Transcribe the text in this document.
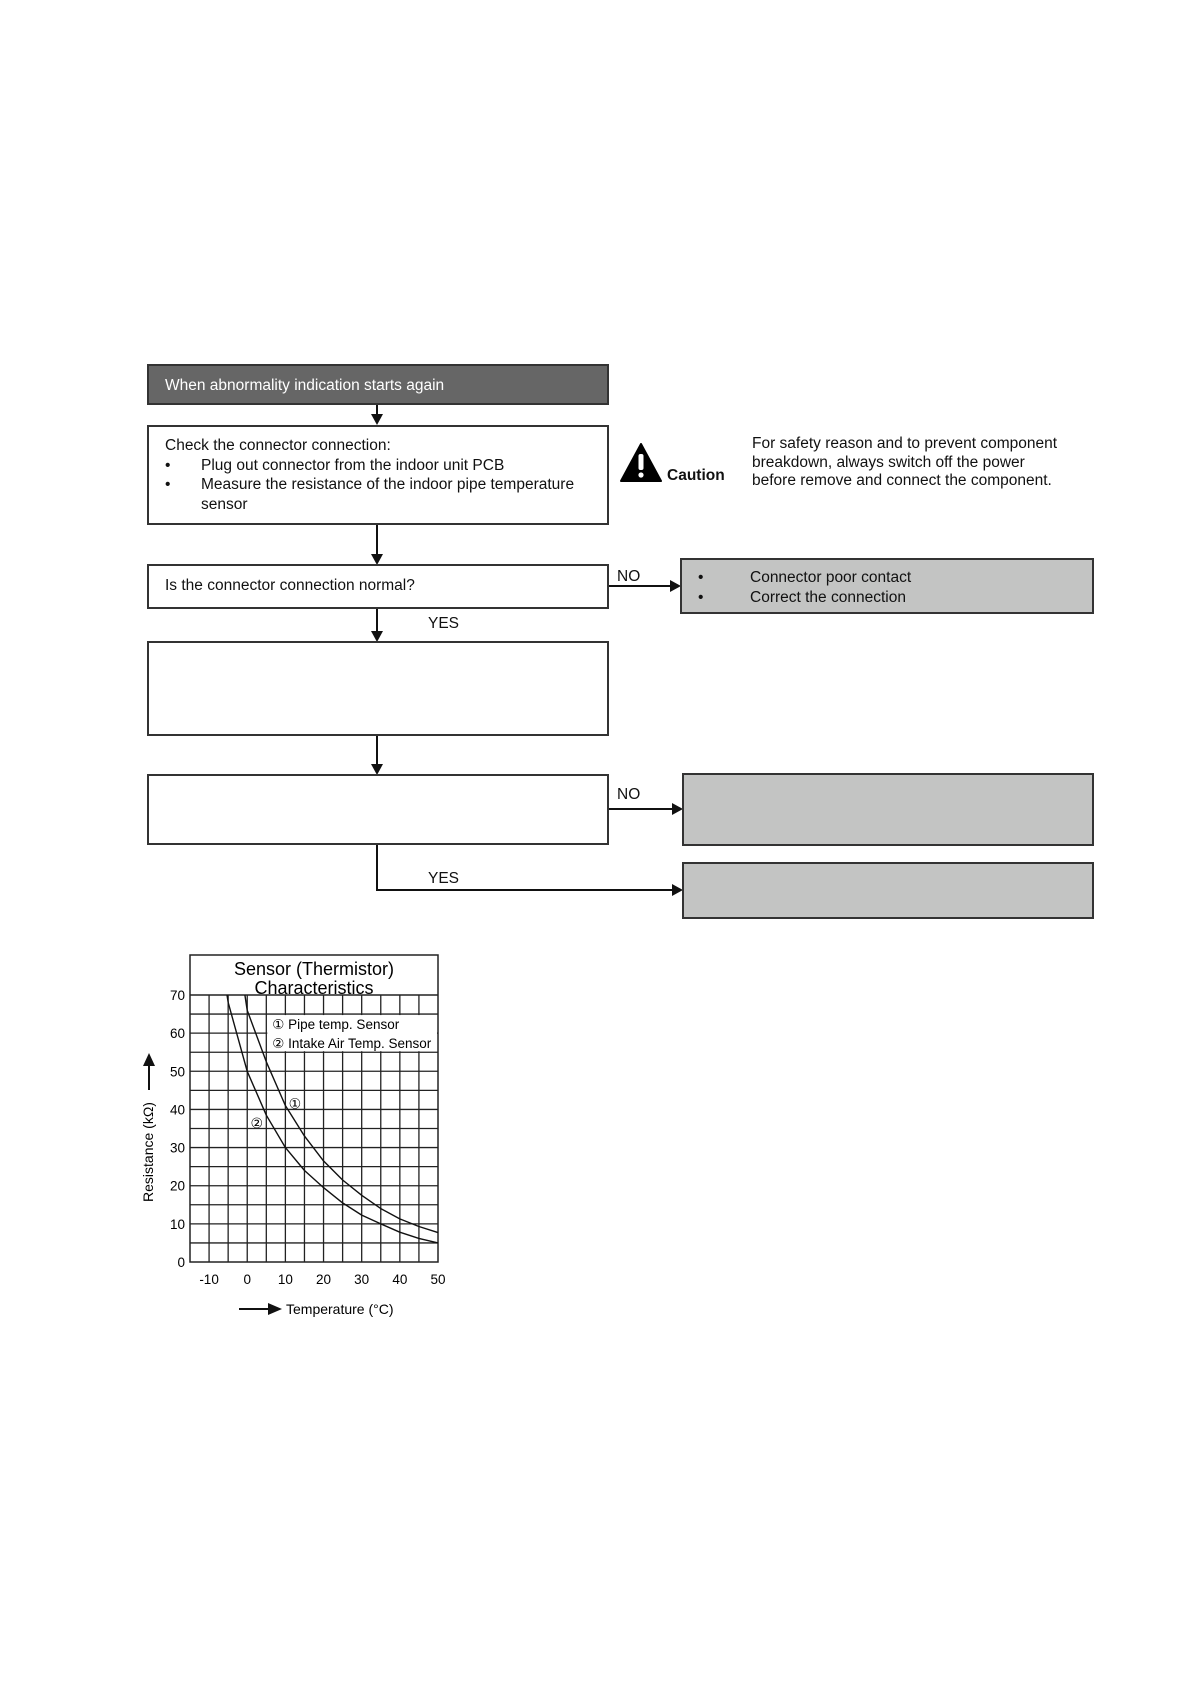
When abnormality indication starts again
Check the connector connection:
• Plug out connector from the indoor unit PCB
• Measure the resistance of the indoor pipe temperature sensor
Is the connector connection normal?
NO	• Connector poor contact
• Correct the connection
YES
NO
YES
Caution
For safety reason and to prevent component
breakdown, always switch off the power
before remove and connect the component.
Sensor (Thermistor)
Characteristics
① Pipe temp. Sensor
② Intake Air Temp. Sensor
-10 0 10 20 30 40 50
0
10
20
30
40
50
60
70
①
②
Temperature (°C)
Resistance (kΩ)
